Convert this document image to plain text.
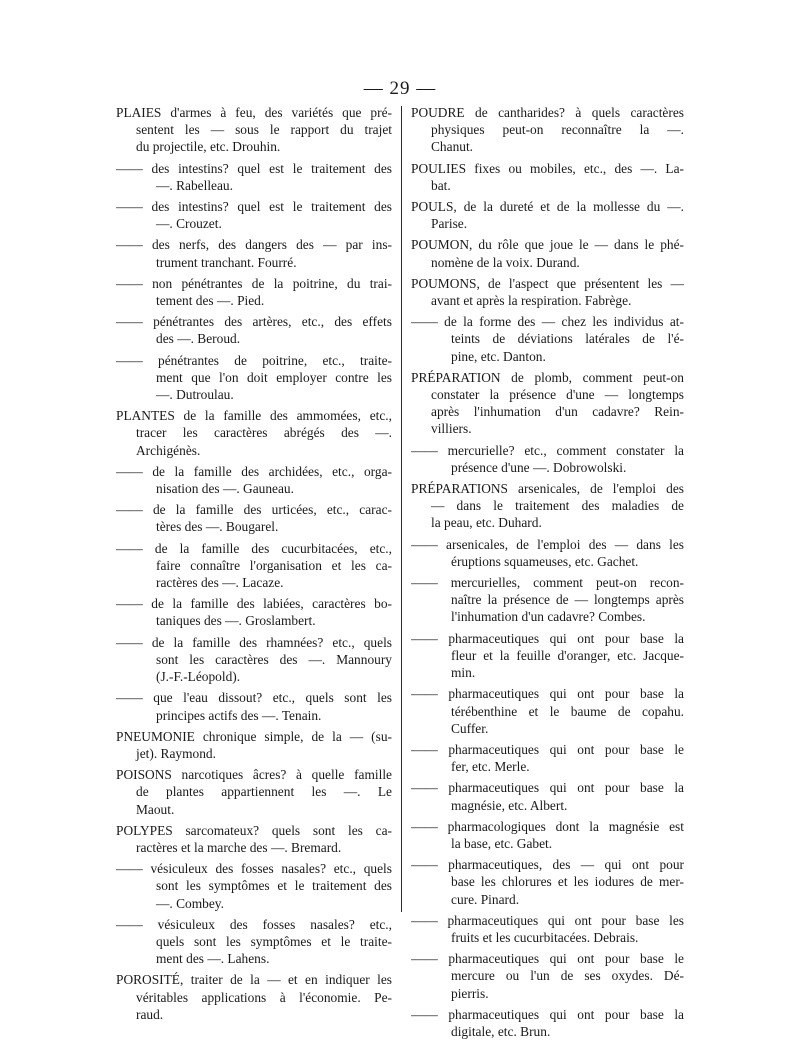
— 29 —
PLAIES d'armes à feu, des variétés que pré-
sentent les — sous le rapport du trajet
du projectile, etc. Drouhin.
—— des intestins? quel est le traitement des
—. Rabelleau.
—— des intestins? quel est le traitement des
—. Crouzet.
—— des nerfs, des dangers des — par ins-
trument tranchant. Fourré.
—— non pénétrantes de la poitrine, du trai-
tement des —. Pied.
—— pénétrantes des artères, etc., des effets
des —. Beroud.
—— pénétrantes de poitrine, etc., traite-
ment que l'on doit employer contre les
—. Dutroulau.
PLANTES de la famille des ammomées, etc.,
tracer les caractères abrégés des —.
Archigénès.
—— de la famille des archidées, etc., orga-
nisation des —. Gauneau.
—— de la famille des urticées, etc., carac-
tères des —. Bougarel.
—— de la famille des cucurbitacées, etc.,
faire connaître l'organisation et les ca-
ractères des —. Lacaze.
—— de la famille des labiées, caractères bo-
taniques des —. Groslambert.
—— de la famille des rhamnées? etc., quels
sont les caractères des —. Mannoury
(J.-F.-Léopold).
—— que l'eau dissout? etc., quels sont les
principes actifs des —. Tenain.
PNEUMONIE chronique simple, de la — (su-
jet). Raymond.
POISONS narcotiques âcres? à quelle famille
de plantes appartiennent les —. Le
Maout.
POLYPES sarcomateux? quels sont les ca-
ractères et la marche des —. Bremard.
—— vésiculeux des fosses nasales? etc., quels
sont les symptômes et le traitement des
—. Combey.
—— vésiculeux des fosses nasales? etc.,
quels sont les symptômes et le traite-
ment des —. Lahens.
POROSITÉ, traiter de la — et en indiquer les
véritables applications à l'économie. Pe-
raud.
POUDRE de cantharides? à quels caractères
physiques peut-on reconnaître la —.
Chanut.
POULIES fixes ou mobiles, etc., des —. La-
bat.
POULS, de la dureté et de la mollesse du —.
Parise.
POUMON, du rôle que joue le — dans le phé-
nomène de la voix. Durand.
POUMONS, de l'aspect que présentent les —
avant et après la respiration. Fabrège.
—— de la forme des — chez les individus at-
teints de déviations latérales de l'é-
pine, etc. Danton.
PRÉPARATION de plomb, comment peut-on
constater la présence d'une — longtemps
après l'inhumation d'un cadavre? Rein-
villiers.
—— mercurielle? etc., comment constater la
présence d'une —. Dobrowolski.
PRÉPARATIONS arsenicales, de l'emploi des
— dans le traitement des maladies de
la peau, etc. Duhard.
—— arsenicales, de l'emploi des — dans les
éruptions squameuses, etc. Gachet.
—— mercurielles, comment peut-on recon-
naître la présence de — longtemps après
l'inhumation d'un cadavre? Combes.
—— pharmaceutiques qui ont pour base la
fleur et la feuille d'oranger, etc. Jacque-
min.
—— pharmaceutiques qui ont pour base la
térébenthine et le baume de copahu.
Cuffer.
—— pharmaceutiques qui ont pour base le
fer, etc. Merle.
—— pharmaceutiques qui ont pour base la
magnésie, etc. Albert.
—— pharmacologiques dont la magnésie est
la base, etc. Gabet.
—— pharmaceutiques, des — qui ont pour
base les chlorures et les iodures de mer-
cure. Pinard.
—— pharmaceutiques qui ont pour base les
fruits et les cucurbitacées. Debrais.
—— pharmaceutiques qui ont pour base le
mercure ou l'un de ses oxydes. Dé-
pierris.
—— pharmaceutiques qui ont pour base la
digitale, etc. Brun.
